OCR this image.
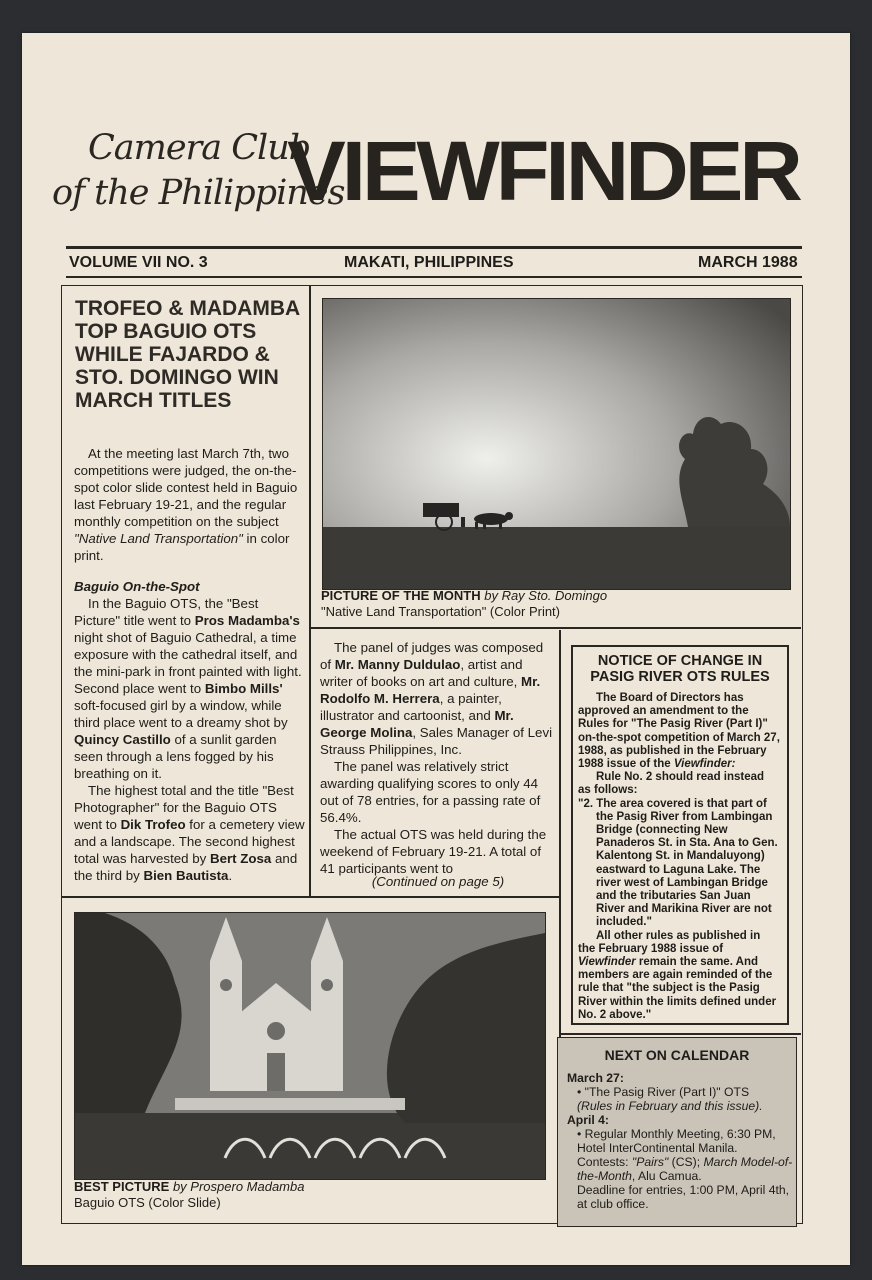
Camera Club
of the Philippines
VIEWFINDER
VOLUME VII NO. 3	MAKATI, PHILIPPINES	MARCH 1988
TROFEO & MADAMBA TOP BAGUIO OTS WHILE FAJARDO & STO. DOMINGO WIN MARCH TITLES

At the meeting last March 7th, two competitions were judged, the on-the-spot color slide contest held in Baguio last February 19-21, and the regular monthly competition on the subject "Native Land Transportation" in color print.

Baguio On-the-Spot

In the Baguio OTS, the "Best Picture" title went to Pros Madamba's night shot of Baguio Cathedral, a time exposure with the cathedral itself, and the mini-park in front painted with light. Second place went to Bimbo Mills' soft-focused girl by a window, while third place went to a dreamy shot by Quincy Castillo of a sunlit garden seen through a lens fogged by his breathing on it.

The highest total and the title "Best Photographer" for the Baguio OTS went to Dik Trofeo for a cemetery view and a landscape. The second highest total was harvested by Bert Zosa and the third by Bien Bautista.

PICTURE OF THE MONTH by Ray Sto. Domingo
"Native Land Transportation" (Color Print)

The panel of judges was composed of Mr. Manny Duldulao, artist and writer of books on art and culture, Mr. Rodolfo M. Herrera, a painter, illustrator and cartoonist, and Mr. George Molina, Sales Manager of Levi Strauss Philippines, Inc.

The panel was relatively strict awarding qualifying scores to only 44 out of 78 entries, for a passing rate of 56.4%.

The actual OTS was held during the weekend of February 19-21. A total of 41 participants went to

(Continued on page 5)
NOTICE OF CHANGE IN PASIG RIVER OTS RULES

The Board of Directors has approved an amendment to the Rules for "The Pasig River (Part I)" on-the-spot competition of March 27, 1988, as published in the February 1988 issue of the Viewfinder:

Rule No. 2 should read instead as follows:

"2. The area covered is that part of the Pasig River from Lambingan Bridge (connecting New Panaderos St. in Sta. Ana to Gen. Kalentong St. in Mandaluyong) eastward to Laguna Lake. The river west of Lambingan Bridge and the tributaries San Juan River and Marikina River are not included."

All other rules as published in the February 1988 issue of Viewfinder remain the same. And members are again reminded of the rule that "the subject is the Pasig River within the limits defined under No. 2 above."

NEXT ON CALENDAR

March 27:

• "The Pasig River (Part I)" OTS

(Rules in February and this issue).

April 4:

• Regular Monthly Meeting, 6:30 PM, Hotel InterContinental Manila.

Contests: "Pairs" (CS); March Model-of-the-Month, Alu Camua.

Deadline for entries, 1:00 PM, April 4th, at club office.

BEST PICTURE by Prospero Madamba
Baguio OTS (Color Slide)
